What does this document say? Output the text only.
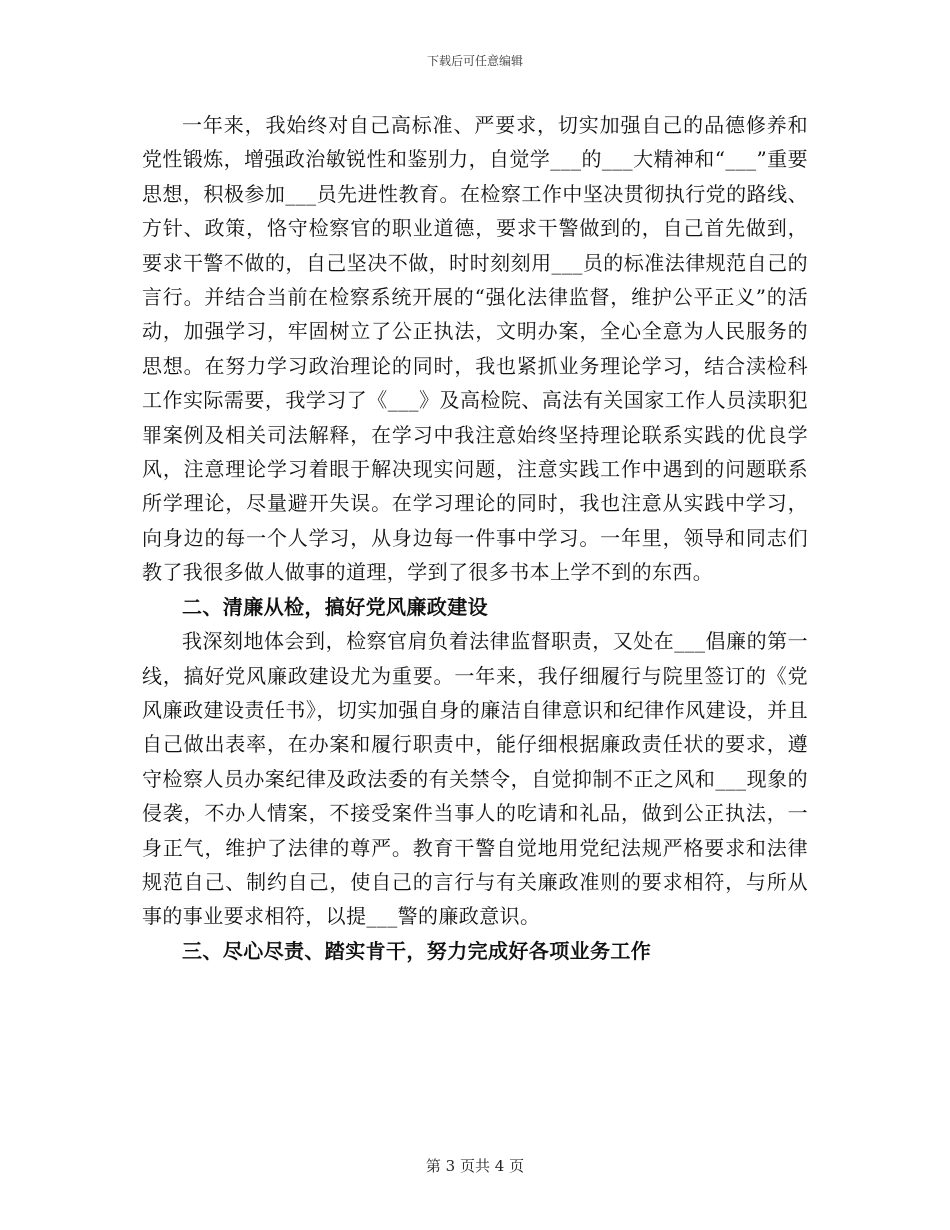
下载后可任意编辑

一年来，我始终对自己高标准、严要求，切实加强自己的品德修养和党性锻炼，增强政治敏锐性和鉴别力，自觉学___的___大精神和“___”重要思想，积极参加___员先进性教育。在检察工作中坚决贯彻执行党的路线、方针、政策，恪守检察官的职业道德，要求干警做到的，自己首先做到，要求干警不做的，自己坚决不做，时时刻刻用___员的标准法律规范自己的言行。并结合当前在检察系统开展的“强化法律监督，维护公平正义”的活动，加强学习，牢固树立了公正执法，文明办案，全心全意为人民服务的思想。在努力学习政治理论的同时，我也紧抓业务理论学习，结合渎检科工作实际需要，我学习了《___》及高检院、高法有关国家工作人员渎职犯罪案例及相关司法解释，在学习中我注意始终坚持理论联系实践的优良学风，注意理论学习着眼于解决现实问题，注意实践工作中遇到的问题联系所学理论，尽量避开失误。在学习理论的同时，我也注意从实践中学习，向身边的每一个人学习，从身边每一件事中学习。一年里，领导和同志们教了我很多做人做事的道理，学到了很多书本上学不到的东西。

二、清廉从检，搞好党风廉政建设

我深刻地体会到，检察官肩负着法律监督职责，又处在___倡廉的第一线，搞好党风廉政建设尤为重要。一年来，我仔细履行与院里签订的《党风廉政建设责任书》，切实加强自身的廉洁自律意识和纪律作风建设，并且自己做出表率，在办案和履行职责中，能仔细根据廉政责任状的要求，遵守检察人员办案纪律及政法委的有关禁令，自觉抑制不正之风和___现象的侵袭，不办人情案，不接受案件当事人的吃请和礼品，做到公正执法，一身正气，维护了法律的尊严。教育干警自觉地用党纪法规严格要求和法律规范自己、制约自己，使自己的言行与有关廉政准则的要求相符，与所从事的事业要求相符，以提___警的廉政意识。

三、尽心尽责、踏实肯干，努力完成好各项业务工作

第 3 页共 4 页
